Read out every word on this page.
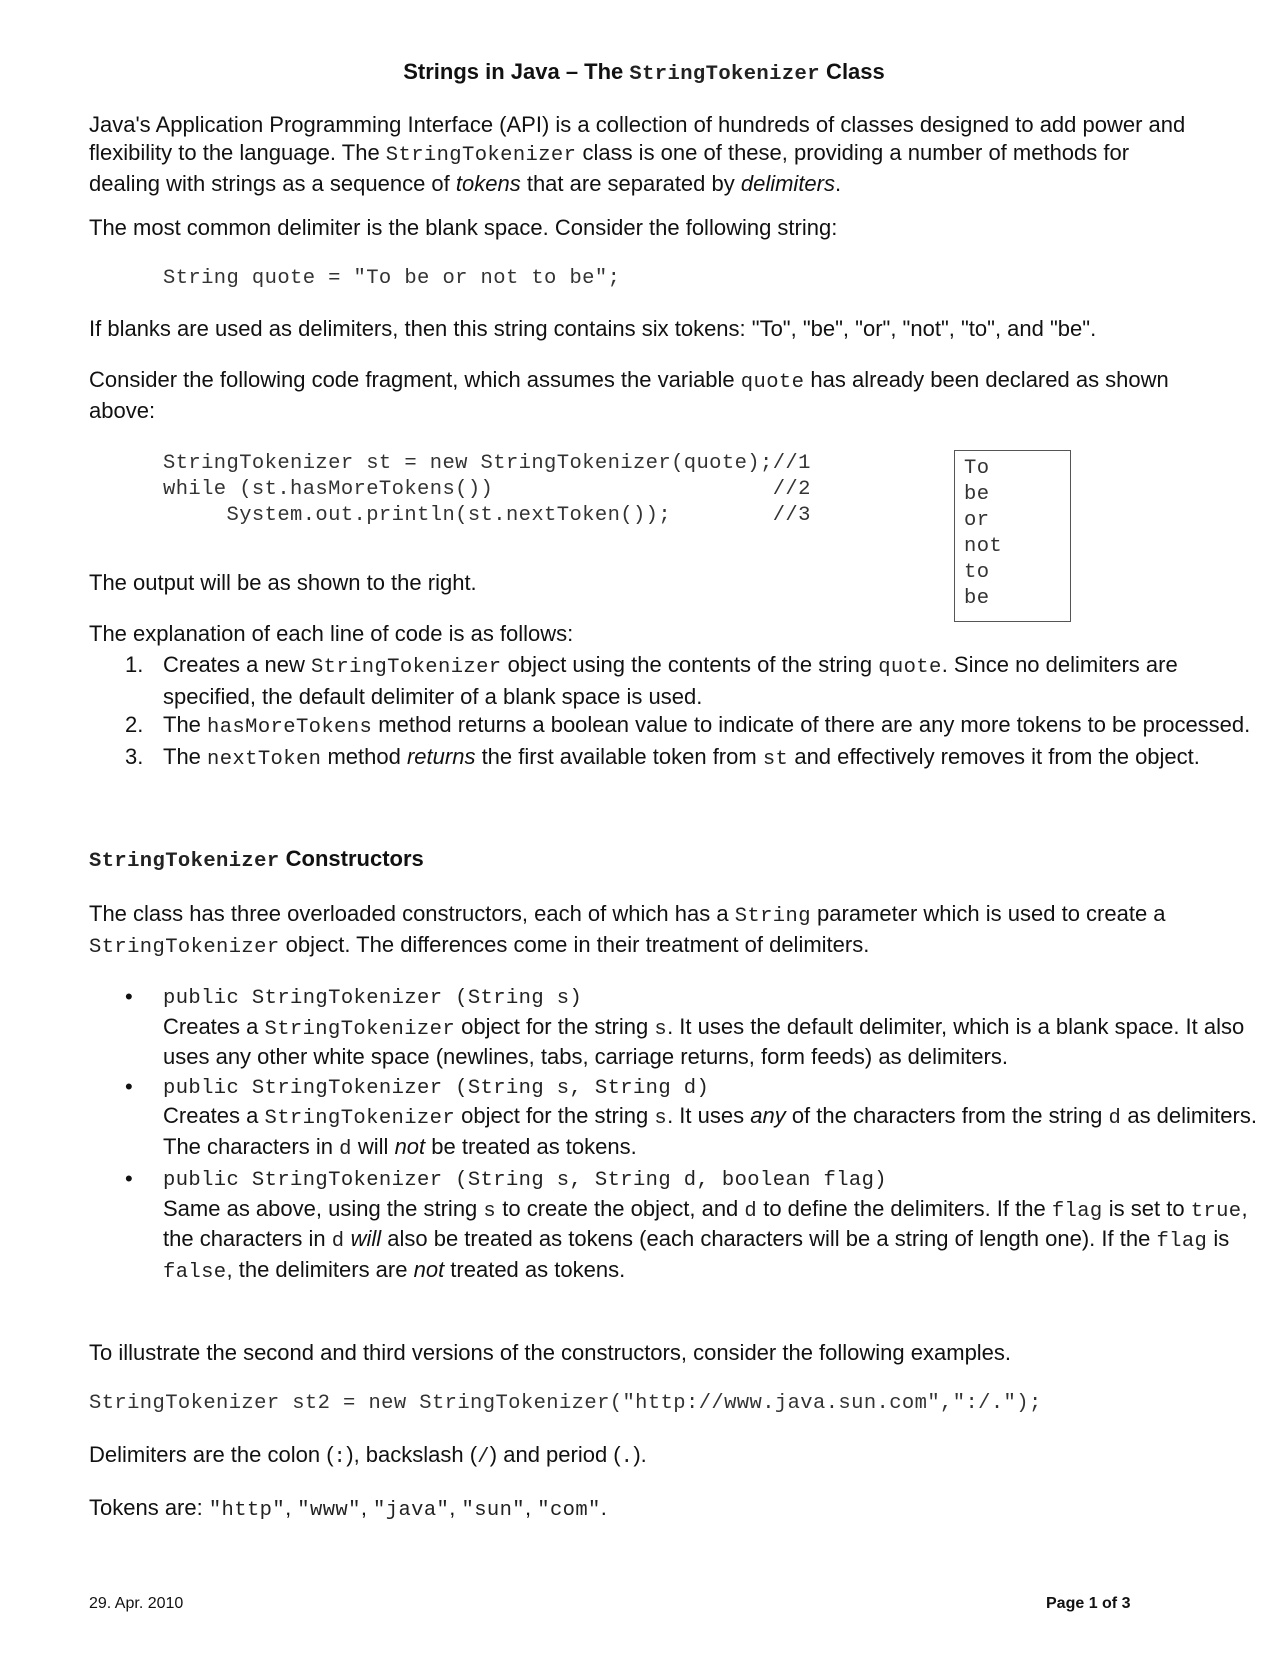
Strings in Java – The StringTokenizer Class

Java's Application Programming Interface (API) is a collection of hundreds of classes designed to add power and flexibility to the language. The StringTokenizer class is one of these, providing a number of methods for dealing with strings as a sequence of tokens that are separated by delimiters.

The most common delimiter is the blank space. Consider the following string:

String quote = "To be or not to be";

If blanks are used as delimiters, then this string contains six tokens: "To", "be", "or", "not", "to", and "be".

Consider the following code fragment, which assumes the variable quote has already been declared as shown above:

StringTokenizer st = new StringTokenizer(quote);//1
while (st.hasMoreTokens())                      //2
System.out.println(st.nextToken());        //3
To
be
or
not
to
be

The output will be as shown to the right.

The explanation of each line of code is as follows:

1. Creates a new StringTokenizer object using the contents of the string quote. Since no delimiters are specified, the default delimiter of a blank space is used.
2. The hasMoreTokens method returns a boolean value to indicate of there are any more tokens to be processed.
3. The nextToken method returns the first available token from st and effectively removes it from the object.
StringTokenizer Constructors

The class has three overloaded constructors, each of which has a String parameter which is used to create a StringTokenizer object. The differences come in their treatment of delimiters.

• public StringTokenizer (String s)
Creates a StringTokenizer object for the string s. It uses the default delimiter, which is a blank space. It also uses any other white space (newlines, tabs, carriage returns, form feeds) as delimiters.
• public StringTokenizer (String s, String d)
Creates a StringTokenizer object for the string s. It uses any of the characters from the string d as delimiters. The characters in d will not be treated as tokens.
• public StringTokenizer (String s, String d, boolean flag)
Same as above, using the string s to create the object, and d to define the delimiters. If the flag is set to true, the characters in d will also be treated as tokens (each characters will be a string of length one). If the flag is false, the delimiters are not treated as tokens.

To illustrate the second and third versions of the constructors, consider the following examples.

StringTokenizer st2 = new StringTokenizer("http://www.java.sun.com",":/.");

Delimiters are the colon (:), backslash (/) and period (.).

Tokens are: "http", "www", "java", "sun", "com".

29. Apr. 2010	Page 1 of 3
